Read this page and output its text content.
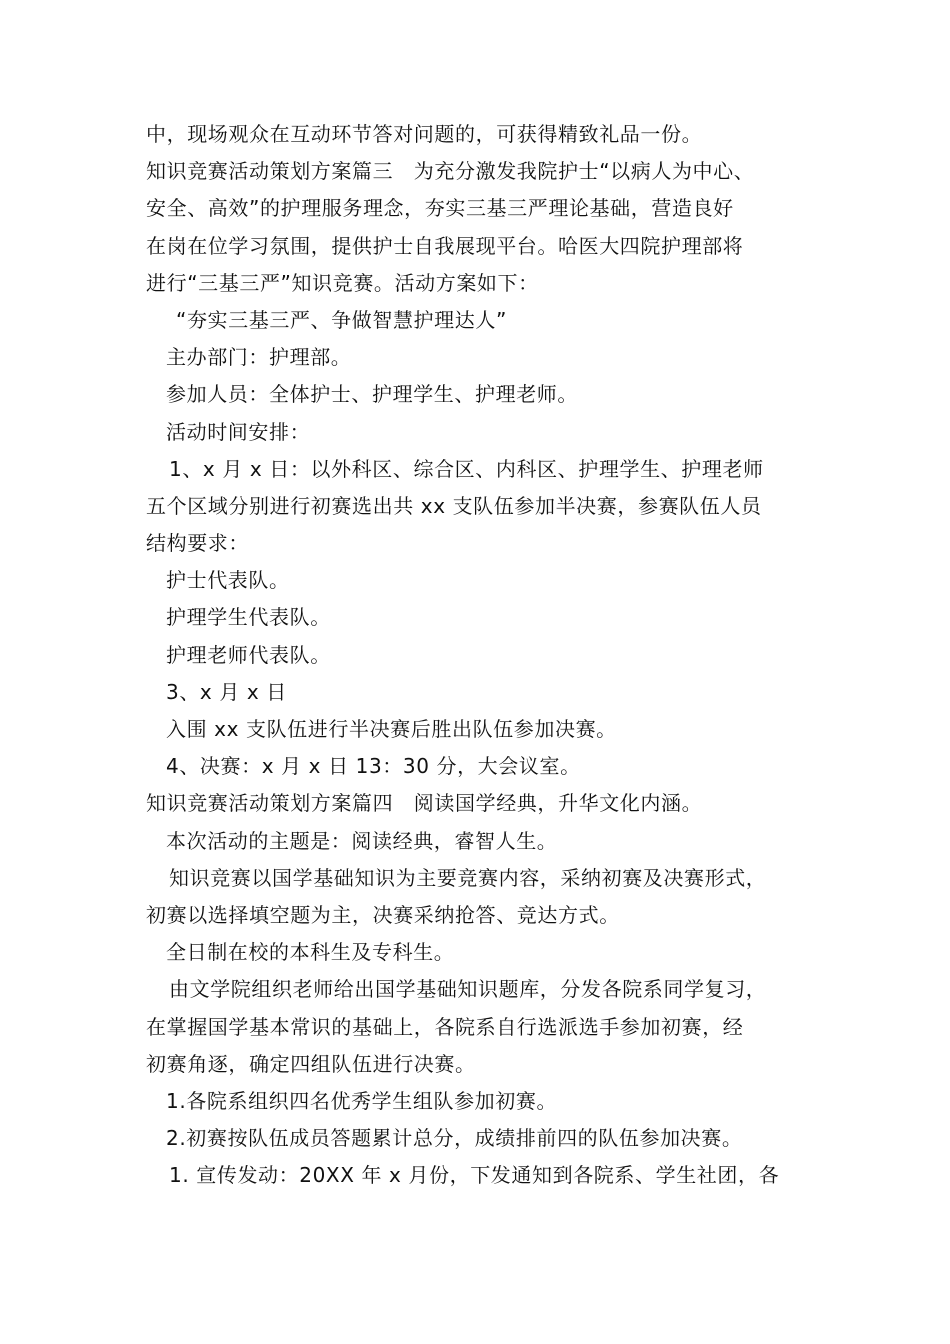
中，现场观众在互动环节答对问题的，可获得精致礼品一份。
知识竞赛活动策划方案篇三　为充分激发我院护士“以病人为中心、
安全、高效”的护理服务理念，夯实三基三严理论基础，营造良好
在岗在位学习氛围，提供护士自我展现平台。哈医大四院护理部将
进行“三基三严”知识竞赛。活动方案如下：
“夯实三基三严、争做智慧护理达人”
主办部门：护理部。
参加人员：全体护士、护理学生、护理老师。
活动时间安排：
1、x 月 x 日：以外科区、综合区、内科区、护理学生、护理老师
五个区域分别进行初赛选出共 xx 支队伍参加半决赛，参赛队伍人员
结构要求：
护士代表队。
护理学生代表队。
护理老师代表队。
3、x 月 x 日
入围 xx 支队伍进行半决赛后胜出队伍参加决赛。
4、决赛：x 月 x 日 13：30 分，大会议室。
知识竞赛活动策划方案篇四　阅读国学经典，升华文化内涵。
本次活动的主题是：阅读经典，睿智人生。
知识竞赛以国学基础知识为主要竞赛内容，采纳初赛及决赛形式，
初赛以选择填空题为主，决赛采纳抢答、竞达方式。
全日制在校的本科生及专科生。
由文学院组织老师给出国学基础知识题库，分发各院系同学复习，
在掌握国学基本常识的基础上，各院系自行选派选手参加初赛，经
初赛角逐，确定四组队伍进行决赛。
1.各院系组织四名优秀学生组队参加初赛。
2.初赛按队伍成员答题累计总分，成绩排前四的队伍参加决赛。
1. 宣传发动：20XX 年 x 月份，下发通知到各院系、学生社团，各
